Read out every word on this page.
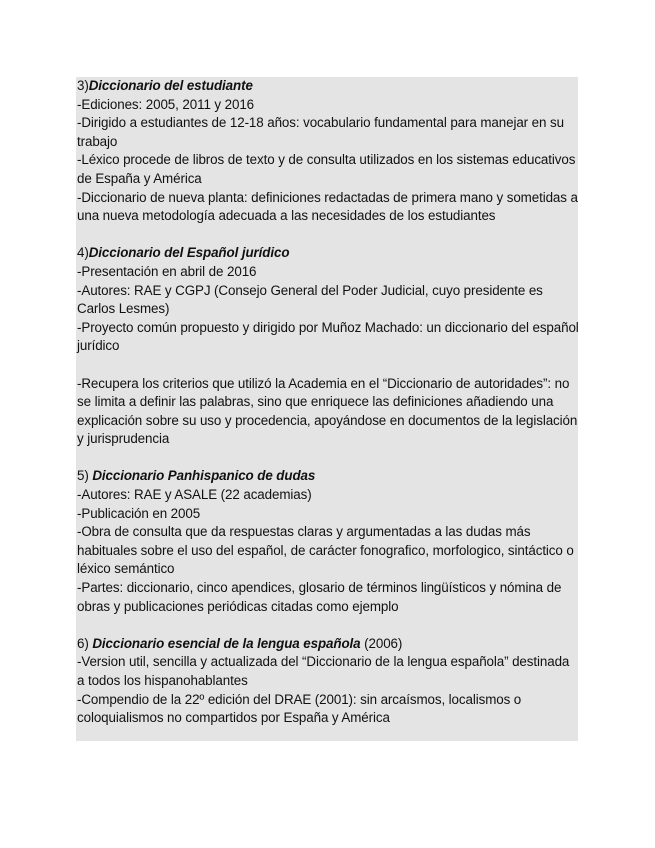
3)Diccionario del estudiante

-Ediciones: 2005, 2011 y 2016

-Dirigido a estudiantes de 12-18 años: vocabulario fundamental para manejar en su trabajo

-Léxico procede de libros de texto y de consulta utilizados en los sistemas educativos de España y América

-Diccionario de nueva planta: definiciones redactadas de primera mano y sometidas a una nueva metodología adecuada a las necesidades de los estudiantes

4)Diccionario del Español jurídico

-Presentación en abril de 2016

-Autores: RAE y CGPJ (Consejo General del Poder Judicial, cuyo presidente es Carlos Lesmes)

-Proyecto común propuesto y dirigido por Muñoz Machado: un diccionario del español jurídico

-Recupera los criterios que utilizó la Academia en el “Diccionario de autoridades”: no se limita a definir las palabras, sino que enriquece las definiciones añadiendo una explicación sobre su uso y procedencia, apoyándose en documentos de la legislación y jurisprudencia

5) Diccionario Panhispanico de dudas

-Autores: RAE y ASALE (22 academias)

-Publicación en 2005

-Obra de consulta que da respuestas claras y argumentadas a las dudas más habituales sobre el uso del español, de carácter fonografico, morfologico, sintáctico o léxico semántico

-Partes: diccionario, cinco apendices, glosario de términos lingüísticos y nómina de obras y publicaciones periódicas citadas como ejemplo

6) Diccionario esencial de la lengua española (2006)

-Version util, sencilla y actualizada del “Diccionario de la lengua española” destinada a todos los hispanohablantes

-Compendio de la 22º edición del DRAE (2001): sin arcaísmos, localismos o coloquialismos no compartidos por España y América
